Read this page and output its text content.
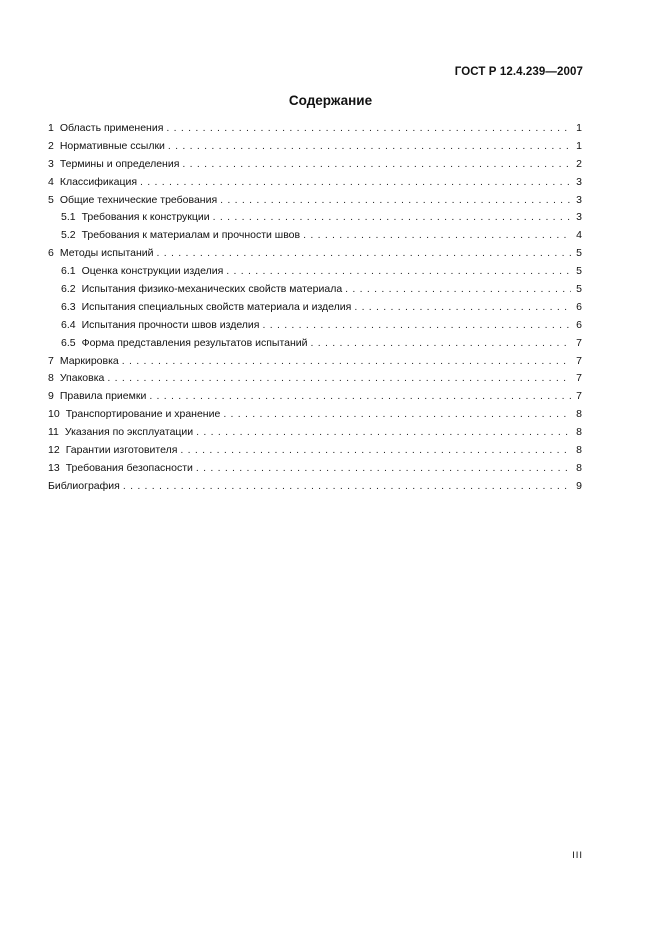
ГОСТ Р 12.4.239—2007
Содержание
1 Область применения . . .	1
2 Нормативные ссылки . . .	1
3 Термины и определения . . .	2
4 Классификация . . .	3
5 Общие технические требования . . .	3
5.1 Требования к конструкции . . .	3
5.2 Требования к материалам и прочности швов . . .	4
6 Методы испытаний . . .	5
6.1 Оценка конструкции изделия . . .	5
6.2 Испытания физико-механических свойств материала . . .	5
6.3 Испытания специальных свойств материала и изделия . . .	6
6.4 Испытания прочности швов изделия . . .	6
6.5 Форма представления результатов испытаний . . .	7
7 Маркировка . . .	7
8 Упаковка . . .	7
9 Правила приемки . . .	7
10 Транспортирование и хранение . . .	8
11 Указания по эксплуатации . . .	8
12 Гарантии изготовителя . . .	8
13 Требования безопасности . . .	8
Библиография . . .	9
III
